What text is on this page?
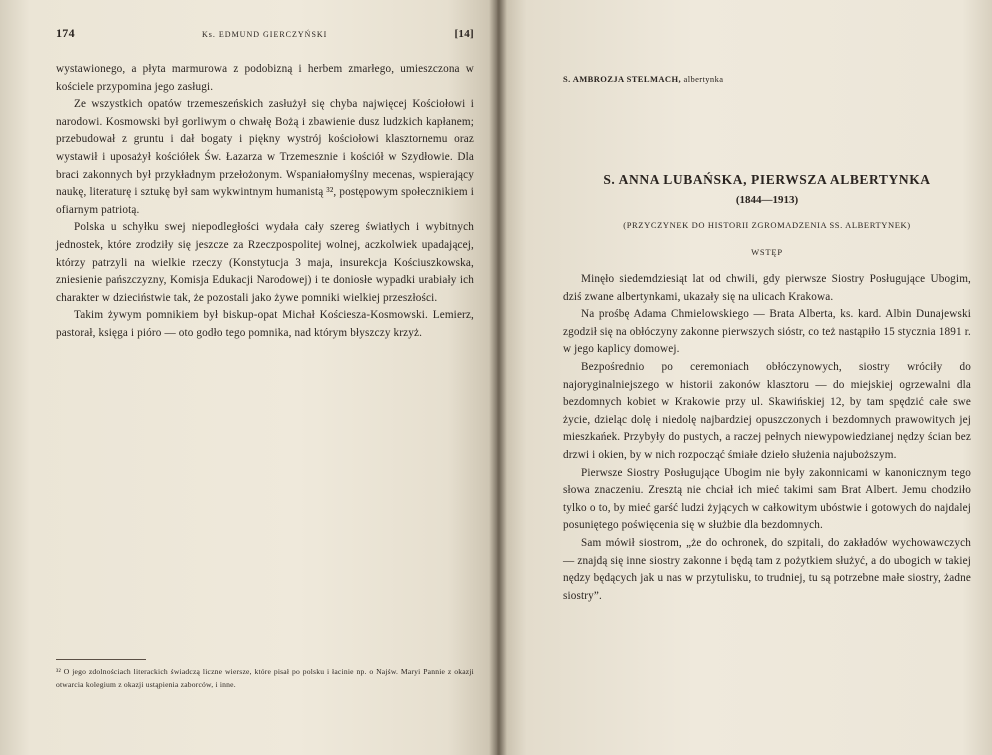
174	Ks. EDMUND GIERCZYŃSKI	[14]

wystawionego, a płyta marmurowa z podobizną i herbem zmarłego, umieszczona w kościele przypomina jego zasługi.

Ze wszystkich opatów trzemeszeńskich zasłużył się chyba najwięcej Kościołowi i narodowi. Kosmowski był gorliwym o chwałę Bożą i zbawienie dusz ludzkich kapłanem; przebudował z gruntu i dał bogaty i piękny wystrój kościołowi klasztornemu oraz wystawił i uposażył kościółek Św. Łazarza w Trzemesznie i kościół w Szydłowie. Dla braci zakonnych był przykładnym przełożonym. Wspaniałomyślny mecenas, wspierający naukę, literaturę i sztukę był sam wykwintnym humanistą ³², postępowym społecznikiem i ofiarnym patriotą.

Polska u schyłku swej niepodległości wydała cały szereg światłych i wybitnych jednostek, które zrodziły się jeszcze za Rzeczpospolitej wolnej, aczkolwiek upadającej, którzy patrzyli na wielkie rzeczy (Konstytucja 3 maja, insurekcja Kościuszkowska, zniesienie pańszczyzny, Komisja Edukacji Narodowej) i te doniosłe wypadki urabiały ich charakter w dzieciństwie tak, że pozostali jako żywe pomniki wielkiej przeszłości.

Takim żywym pomnikiem był biskup-opat Michał Kościesza-Kosmowski. Lemierz, pastorał, księga i pióro — oto godło tego pomnika, nad którym błyszczy krzyż.

³² O jego zdolnościach literackich świadczą liczne wiersze, które pisał po polsku i łacinie np. o Najśw. Maryi Pannie z okazji otwarcia kolegium z okazji ustąpienia zaborców, i inne.
S. AMBROZJA STELMACH, albertynka
S. ANNA LUBAŃSKA, PIERWSZA ALBERTYNKA
(1844—1913)
(PRZYCZYNEK DO HISTORII ZGROMADZENIA SS. ALBERTYNEK)
WSTĘP

Minęło siedemdziesiąt lat od chwili, gdy pierwsze Siostry Posługujące Ubogim, dziś zwane albertynkami, ukazały się na ulicach Krakowa.

Na prośbę Adama Chmielowskiego — Brata Alberta, ks. kard. Albin Dunajewski zgodził się na obłóczyny zakonne pierwszych sióstr, co też nastąpiło 15 stycznia 1891 r. w jego kaplicy domowej.

Bezpośrednio po ceremoniach obłóczynowych, siostry wróciły do najoryginalniejszego w historii zakonów klasztoru — do miejskiej ogrzewalni dla bezdomnych kobiet w Krakowie przy ul. Skawińskiej 12, by tam spędzić całe swe życie, dzieląc dolę i niedolę najbardziej opuszczonych i bezdomnych prawowitych jej mieszkańek. Przybyły do pustych, a raczej pełnych niewypowiedzianej nędzy ścian bez drzwi i okien, by w nich rozpocząć śmiałe dzieło służenia najuboższym.

Pierwsze Siostry Posługujące Ubogim nie były zakonnicami w kanonicznym tego słowa znaczeniu. Zresztą nie chciał ich mieć takimi sam Brat Albert. Jemu chodziło tylko o to, by mieć garść ludzi żyjących w całkowitym ubóstwie i gotowych do najdalej posuniętego poświęcenia się w służbie dla bezdomnych.

Sam mówił siostrom, „że do ochronek, do szpitali, do zakładów wychowawczych — znajdą się inne siostry zakonne i będą tam z pożytkiem służyć, a do ubogich w takiej nędzy będących jak u nas w przytulisku, to trudniej, tu są potrzebne małe siostry, żadne siostry”.
